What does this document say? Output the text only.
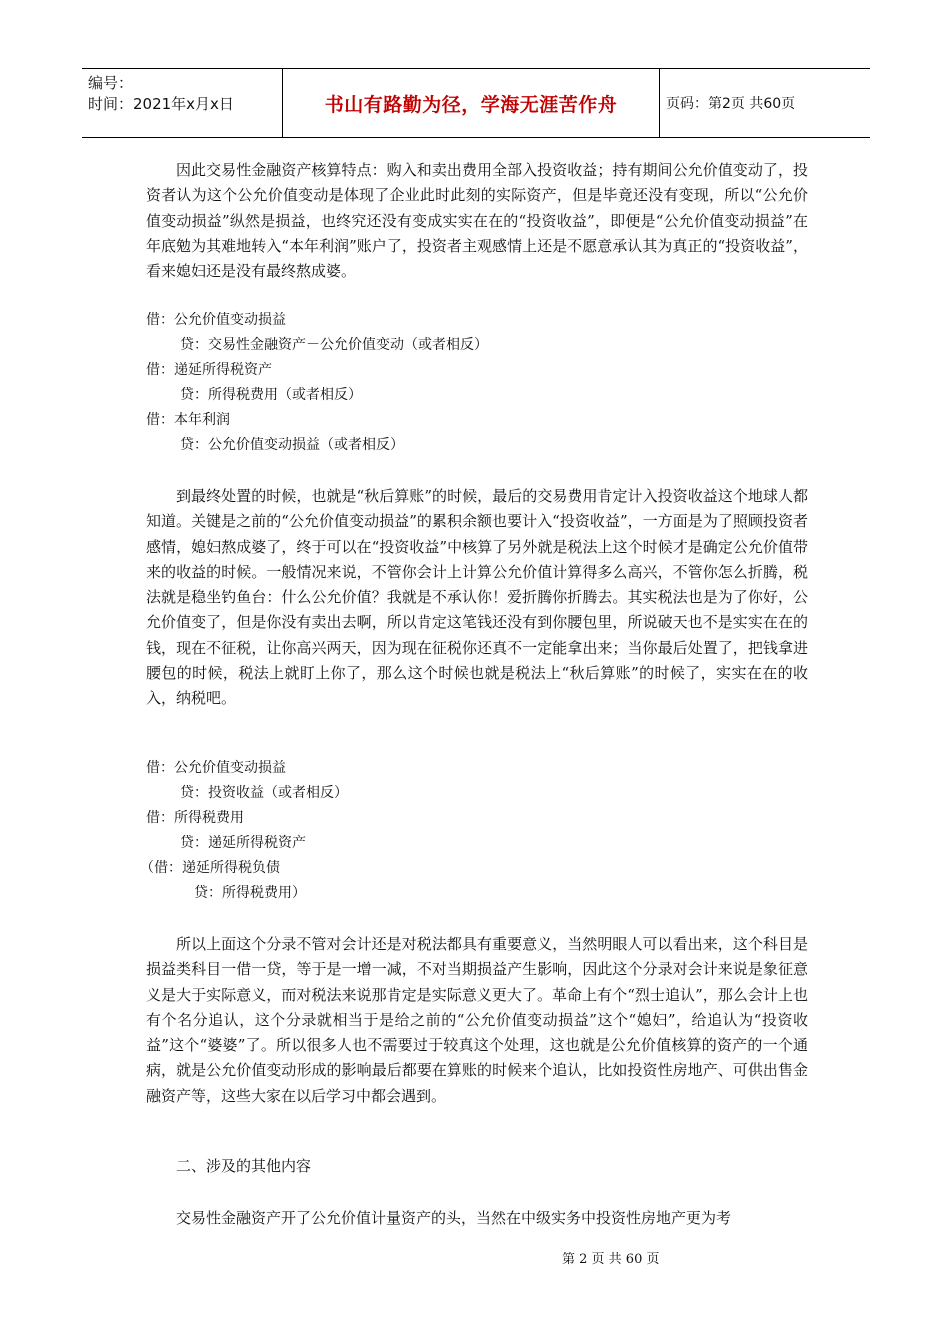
编号：
时间：2021年x月x日	书山有路勤为径，学海无涯苦作舟	页码：第2页 共60页

因此交易性金融资产核算特点：购入和卖出费用全部入投资收益；持有期间公允价值变动了，投资者认为这个公允价值变动是体现了企业此时此刻的实际资产，但是毕竟还没有变现，所以“公允价值变动损益”纵然是损益，也终究还没有变成实实在在的“投资收益”，即便是“公允价值变动损益”在年底勉为其难地转入“本年利润”账户了，投资者主观感情上还是不愿意承认其为真正的“投资收益”，看来媳妇还是没有最终熬成婆。

借：公允价值变动损益
贷：交易性金融资产－公允价值变动（或者相反）
借：递延所得税资产
贷：所得税费用（或者相反）
借：本年利润
贷：公允价值变动损益（或者相反）

到最终处置的时候，也就是“秋后算账”的时候，最后的交易费用肯定计入投资收益这个地球人都知道。关键是之前的“公允价值变动损益”的累积余额也要计入“投资收益”，一方面是为了照顾投资者感情，媳妇熬成婆了，终于可以在“投资收益”中核算了另外就是税法上这个时候才是确定公允价值带来的收益的时候。一般情况来说，不管你会计上计算公允价值计算得多么高兴，不管你怎么折腾，税法就是稳坐钓鱼台：什么公允价值？我就是不承认你！爱折腾你折腾去。其实税法也是为了你好，公允价值变了，但是你没有卖出去啊，所以肯定这笔钱还没有到你腰包里，所说破天也不是实实在在的钱，现在不征税，让你高兴两天，因为现在征税你还真不一定能拿出来；当你最后处置了，把钱拿进腰包的时候，税法上就盯上你了，那么这个时候也就是税法上“秋后算账”的时候了，实实在在的收入，纳税吧。

借：公允价值变动损益
贷：投资收益（或者相反）
借：所得税费用
贷：递延所得税资产
（借：递延所得税负债
贷：所得税费用）

所以上面这个分录不管对会计还是对税法都具有重要意义，当然明眼人可以看出来，这个科目是损益类科目一借一贷，等于是一增一减，不对当期损益产生影响，因此这个分录对会计来说是象征意义是大于实际意义，而对税法来说那肯定是实际意义更大了。革命上有个“烈士追认”，那么会计上也有个名分追认，这个分录就相当于是给之前的“公允价值变动损益”这个“媳妇”，给追认为“投资收益”这个“婆婆”了。所以很多人也不需要过于较真这个处理，这也就是公允价值核算的资产的一个通病，就是公允价值变动形成的影响最后都要在算账的时候来个追认，比如投资性房地产、可供出售金融资产等，这些大家在以后学习中都会遇到。

二、涉及的其他内容

交易性金融资产开了公允价值计量资产的头，当然在中级实务中投资性房地产更为考

第 2 页 共 60 页
